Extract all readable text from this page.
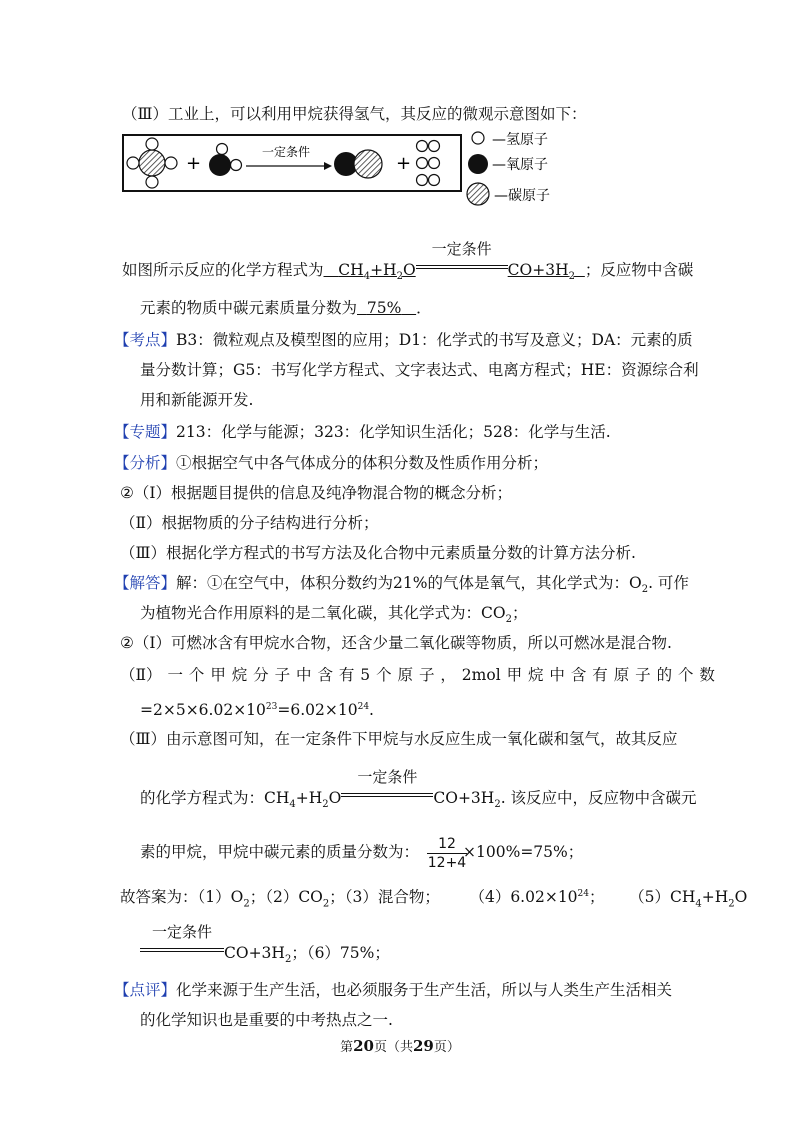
（Ⅲ）工业上，可以利用甲烷获得氢气，其反应的微观示意图如下：
+
一定条件
+
—氢原子
—氧原子
—碳原子
如图所示反应的化学方程式为 $CH_4+H_2O$
一定条件
$CO+3H_2$ ；反应物中含碳
元素的物质中碳元素质量分数为 75% ．
【考点】B3：微粒观点及模型图的应用；D1：化学式的书写及意义；DA：元素的质
量分数计算；G5：书写化学方程式、文字表达式、电离方程式；HE：资源综合利
用和新能源开发.
【专题】213：化学与能源；323：化学知识生活化；528：化学与生活.
【分析】①根据空气中各气体成分的体积分数及性质作用分析；
②（Ⅰ）根据题目提供的信息及纯净物混合物的概念分析；
（Ⅱ）根据物质的分子结构进行分析；
（Ⅲ）根据化学方程式的书写方法及化合物中元素质量分数的计算方法分析.
【解答】解：①在空气中，体积分数约为21%的气体是氧气，其化学式为：$O_2$. 可作
为植物光合作用原料的是二氧化碳，其化学式为：$CO_2$；
②（Ⅰ）可燃冰含有甲烷水合物，还含少量二氧化碳等物质，所以可燃冰是混合物.
（Ⅱ） 一 个 甲 烷 分 子 中 含 有 5 个 原 子 ， 2mol 甲 烷 中 含 有 原 子 的 个 数
$=2\times 5\times 6.02\times 10^{23}=6.02\times 10^{24}$.
（Ⅲ）由示意图可知，在一定条件下甲烷与水反应生成一氧化碳和氢气，故其反应
的化学方程式为：$CH_4+H_2O$
一定条件
$CO+3H_2$. 该反应中，反应物中含碳元
素的甲烷，甲烷中碳元素的质量分数为：	×100%=75%；
12
12+4
故答案为：$(1)O_2$；$(2)CO_2$；（3）混合物； $(4)6.02\times 10^{24}$； $(5)CH_4+H_2O$
一定条件
$CO+3H_2$；（6）75%；
【点评】化学来源于生产生活，也必须服务于生产生活，所以与人类生产生活相关
的化学知识也是重要的中考热点之一.
第20页（共29页）
